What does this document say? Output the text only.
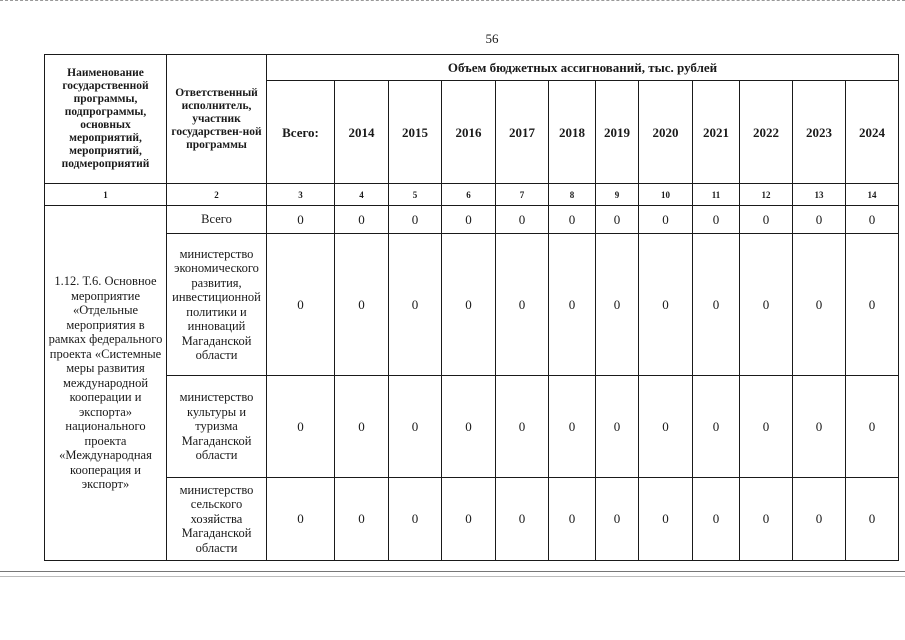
56
Наименование государственной программы, подпрограммы, основных мероприятий, мероприятий, подмероприятий
Ответственный исполнитель, участник государствен-ной программы
Объем бюджетных ассигнований, тыс. рублей
Всего:	2014	2015	2016	2017	2018	2019	2020	2021	2022	2023	2024
1	2	3	4	5	6	7	8	9	10	11	12	13	14
1.12. Т.6. Основное мероприятие «Отдельные мероприятия в рамках федерального проекта «Системные меры развития международной кооперации и экспорта» национального проекта «Международная кооперация и экспорт»
Всего	0	0	0	0	0	0	0	0	0	0	0	0
министерство экономического развития, инвестиционной политики и инноваций Магаданской области
0	0	0	0	0	0	0	0	0	0	0	0
министерство культуры и туризма Магаданской области
0	0	0	0	0	0	0	0	0	0	0	0
министерство сельского хозяйства Магаданской области
0	0	0	0	0	0	0	0	0	0	0	0
